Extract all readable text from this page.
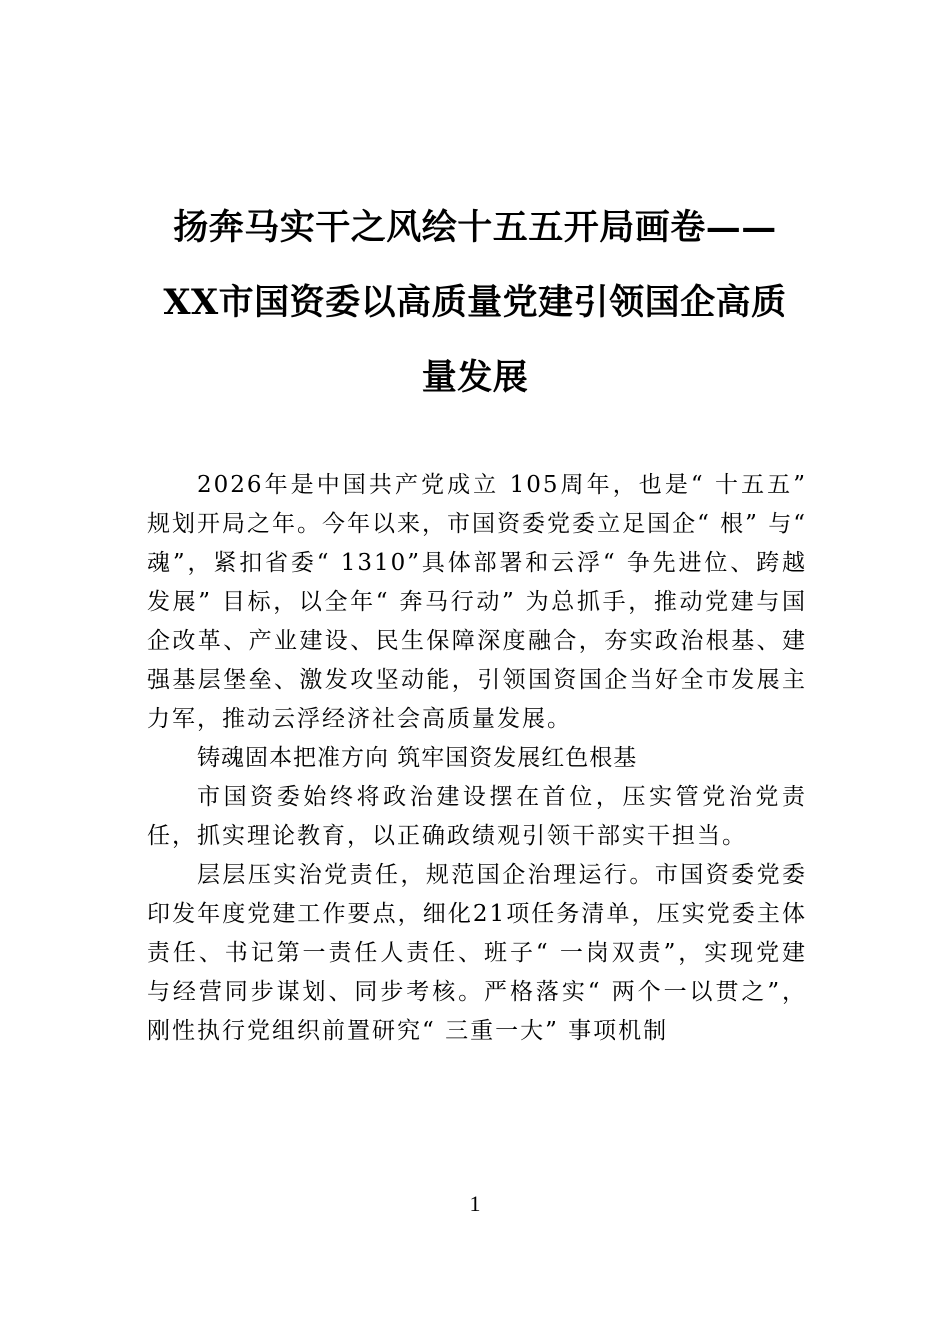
扬奔马实干之风绘十五五开局画卷——XX市国资委以高质量党建引领国企高质量发展

2026年是中国共产党成立 105周年，也是“ 十五五” 规划开局之年。今年以来，市国资委党委立足国企“ 根” 与“ 魂”，紧扣省委“ 1310”具体部署和云浮“ 争先进位、跨越发展” 目标，以全年“ 奔马行动” 为总抓手，推动党建与国企改革、产业建设、民生保障深度融合，夯实政治根基、建强基层堡垒、激发攻坚动能，引领国资国企当好全市发展主力军，推动云浮经济社会高质量发展。

铸魂固本把准方向 筑牢国资发展红色根基

市国资委始终将政治建设摆在首位，压实管党治党责任，抓实理论教育，以正确政绩观引领干部实干担当。

层层压实治党责任，规范国企治理运行。市国资委党委印发年度党建工作要点，细化21项任务清单，压实党委主体责任、书记第一责任人责任、班子“ 一岗双责”，实现党建与经营同步谋划、同步考核。严格落实“ 两个一以贯之”，刚性执行党组织前置研究“ 三重一大” 事项机制

1
